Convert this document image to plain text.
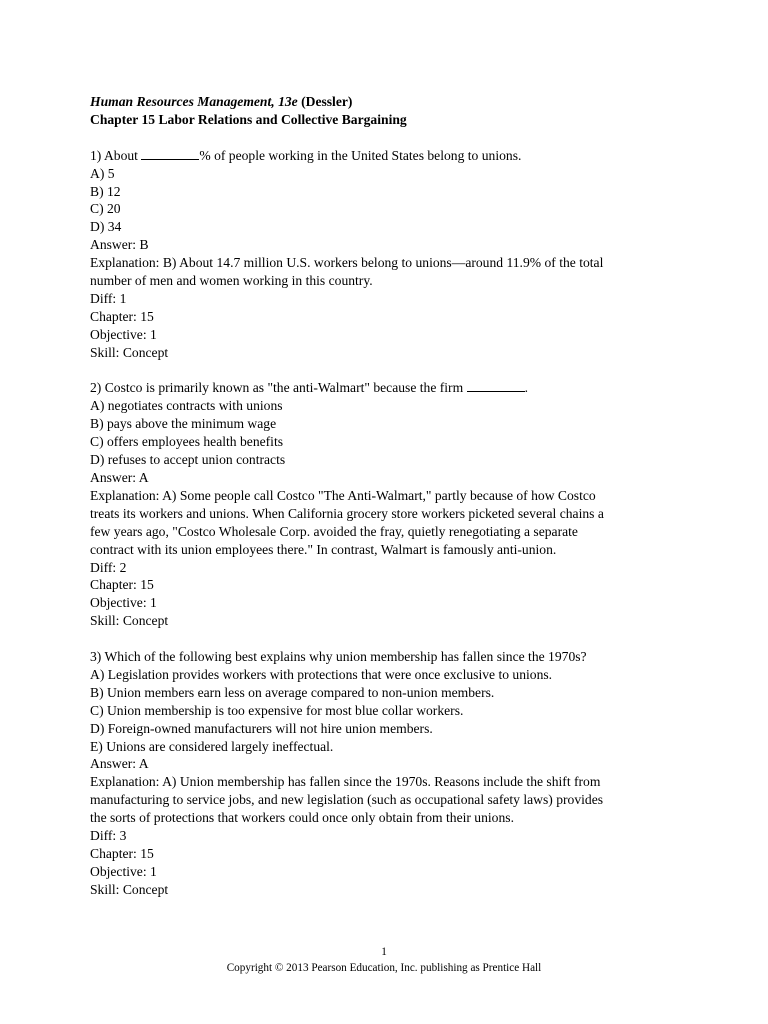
Human Resources Management, 13e (Dessler)
Chapter 15 Labor Relations and Collective Bargaining
1) About	% of people working in the United States belong to unions.
A) 5
B) 12
C) 20
D) 34
Answer: B
Explanation: B) About 14.7 million U.S. workers belong to unions—around 11.9% of the total
number of men and women working in this country.
Diff: 1
Chapter: 15
Objective: 1
Skill: Concept
2) Costco is primarily known as "the anti-Walmart" because the firm	.
A) negotiates contracts with unions
B) pays above the minimum wage
C) offers employees health benefits
D) refuses to accept union contracts
Answer: A
Explanation: A) Some people call Costco "The Anti-Walmart," partly because of how Costco
treats its workers and unions. When California grocery store workers picketed several chains a
few years ago, "Costco Wholesale Corp. avoided the fray, quietly renegotiating a separate
contract with its union employees there." In contrast, Walmart is famously anti-union.
Diff: 2
Chapter: 15
Objective: 1
Skill: Concept
3) Which of the following best explains why union membership has fallen since the 1970s?
A) Legislation provides workers with protections that were once exclusive to unions.
B) Union members earn less on average compared to non-union members.
C) Union membership is too expensive for most blue collar workers.
D) Foreign-owned manufacturers will not hire union members.
E) Unions are considered largely ineffectual.
Answer: A
Explanation: A) Union membership has fallen since the 1970s. Reasons include the shift from
manufacturing to service jobs, and new legislation (such as occupational safety laws) provides
the sorts of protections that workers could once only obtain from their unions.
Diff: 3
Chapter: 15
Objective: 1
Skill: Concept
1
Copyright © 2013 Pearson Education, Inc. publishing as Prentice Hall
